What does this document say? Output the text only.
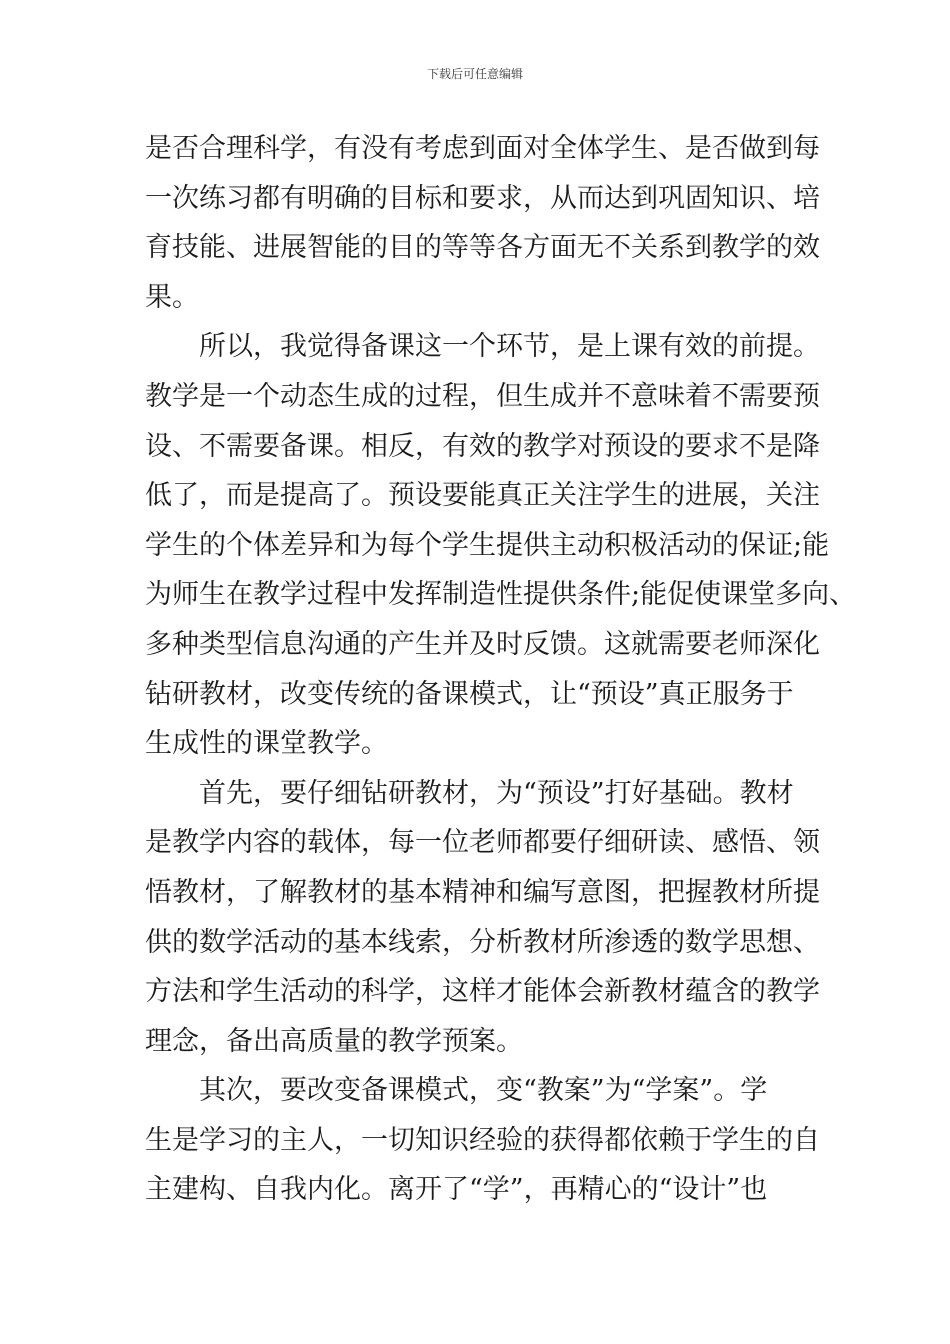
下载后可任意编辑

是否合理科学，有没有考虑到面对全体学生、是否做到每
一次练习都有明确的目标和要求，从而达到巩固知识、培
育技能、进展智能的目的等等各方面无不关系到教学的效
果。

所以，我觉得备课这一个环节，是上课有效的前提。
教学是一个动态生成的过程，但生成并不意味着不需要预
设、不需要备课。相反，有效的教学对预设的要求不是降
低了，而是提高了。预设要能真正关注学生的进展，关注
学生的个体差异和为每个学生提供主动积极活动的保证;能
为师生在教学过程中发挥制造性提供条件;能促使课堂多向、
多种类型信息沟通的产生并及时反馈。这就需要老师深化
钻研教材，改变传统的备课模式，让“预设”真正服务于
生成性的课堂教学。

首先，要仔细钻研教材，为“预设”打好基础。教材
是教学内容的载体，每一位老师都要仔细研读、感悟、领
悟教材，了解教材的基本精神和编写意图，把握教材所提
供的数学活动的基本线索，分析教材所渗透的数学思想、
方法和学生活动的科学，这样才能体会新教材蕴含的教学
理念，备出高质量的教学预案。

其次，要改变备课模式，变“教案”为“学案”。学
生是学习的主人，一切知识经验的获得都依赖于学生的自
主建构、自我内化。离开了“学”，再精心的“设计”也
